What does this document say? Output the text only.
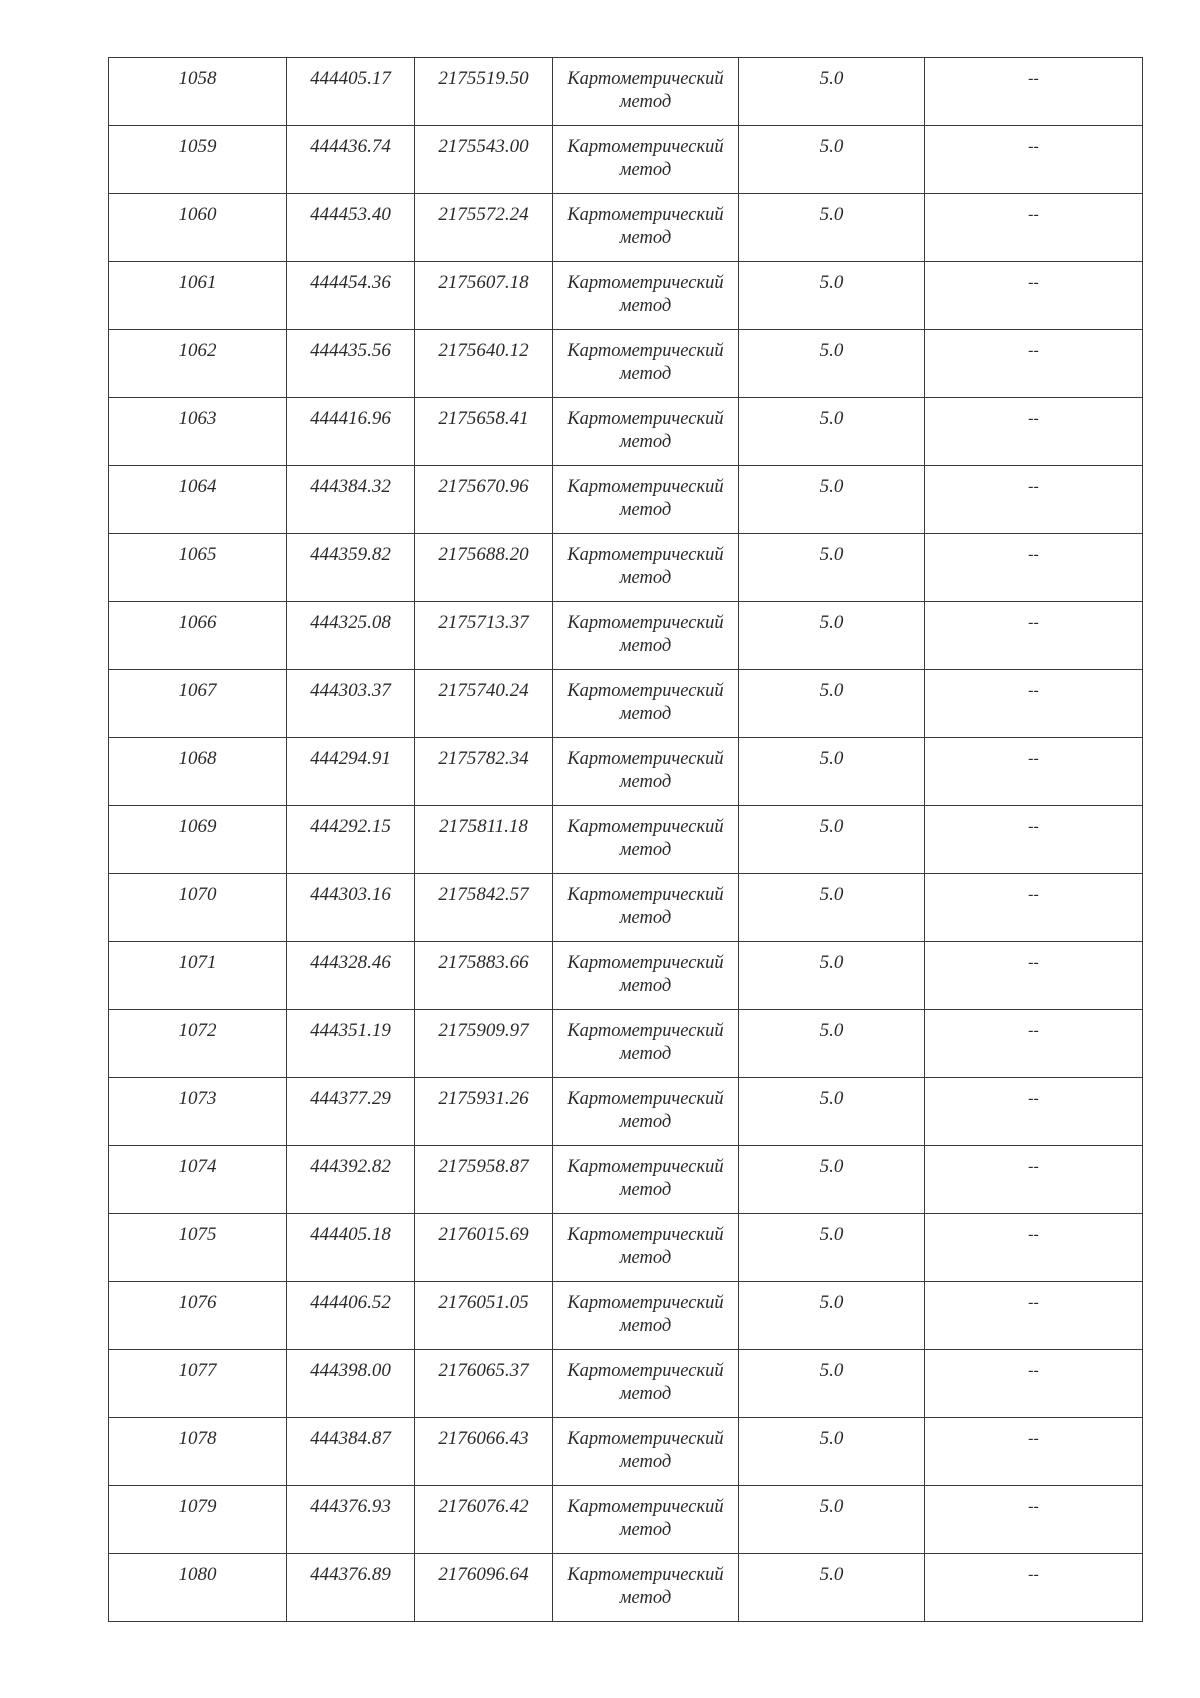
1058	444405.17	2175519.50	Картометрический
метод	5.0	--

1059	444436.74	2175543.00	Картометрический
метод	5.0	--

1060	444453.40	2175572.24	Картометрический
метод	5.0	--

1061	444454.36	2175607.18	Картометрический
метод	5.0	--

1062	444435.56	2175640.12	Картометрический
метод	5.0	--

1063	444416.96	2175658.41	Картометрический
метод	5.0	--

1064	444384.32	2175670.96	Картометрический
метод	5.0	--

1065	444359.82	2175688.20	Картометрический
метод	5.0	--

1066	444325.08	2175713.37	Картометрический
метод	5.0	--

1067	444303.37	2175740.24	Картометрический
метод	5.0	--

1068	444294.91	2175782.34	Картометрический
метод	5.0	--

1069	444292.15	2175811.18	Картометрический
метод	5.0	--

1070	444303.16	2175842.57	Картометрический
метод	5.0	--

1071	444328.46	2175883.66	Картометрический
метод	5.0	--

1072	444351.19	2175909.97	Картометрический
метод	5.0	--

1073	444377.29	2175931.26	Картометрический
метод	5.0	--

1074	444392.82	2175958.87	Картометрический
метод	5.0	--

1075	444405.18	2176015.69	Картометрический
метод	5.0	--

1076	444406.52	2176051.05	Картометрический
метод	5.0	--

1077	444398.00	2176065.37	Картометрический
метод	5.0	--

1078	444384.87	2176066.43	Картометрический
метод	5.0	--

1079	444376.93	2176076.42	Картометрический
метод	5.0	--

1080	444376.89	2176096.64	Картометрический
метод	5.0	--
